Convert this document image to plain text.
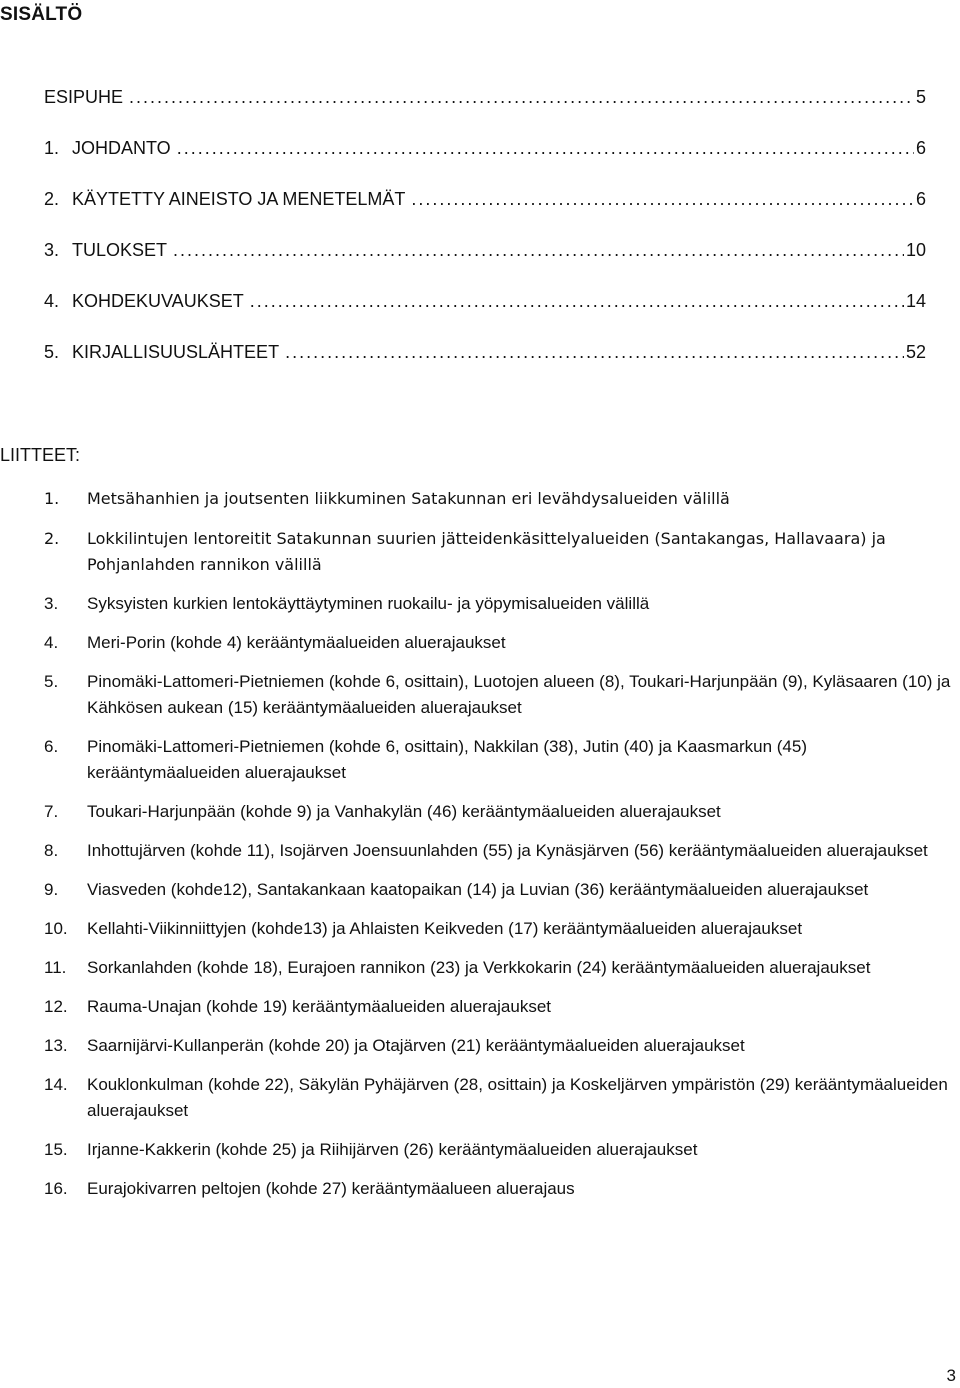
SISÄLTÖ
ESIPUHE .....	5
1. JOHDANTO .....	6
2. KÄYTETTY AINEISTO JA MENETELMÄT .....	6
3. TULOKSET .....	10
4. KOHDEKUVAUKSET .....	14
5. KIRJALLISUUSLÄHTEET .....	52
LIITTEET:
1.	Metsähanhien ja joutsenten liikkuminen Satakunnan eri levähdysalueiden välillä
2.	Lokkilintujen lentoreitit Satakunnan suurien jätteidenkäsittelyalueiden (Santakangas, Hallavaara) ja Pohjanlahden rannikon välillä
3.	Syksyisten kurkien lentokäyttäytyminen ruokailu- ja yöpymisalueiden välillä
4.	Meri-Porin (kohde 4) kerääntymäalueiden aluerajaukset
5.	Pinomäki-Lattomeri-Pietniemen (kohde 6, osittain), Luotojen alueen (8), Toukari-Harjunpään (9), Kyläsaaren (10) ja Kähkösen aukean (15) kerääntymäalueiden aluerajaukset
6.	Pinomäki-Lattomeri-Pietniemen (kohde 6, osittain), Nakkilan (38), Jutin (40) ja Kaasmarkun (45) kerääntymäalueiden aluerajaukset
7.	Toukari-Harjunpään (kohde 9) ja Vanhakylän (46) kerääntymäalueiden aluerajaukset
8.	Inhottujärven (kohde 11), Isojärven Joensuunlahden (55) ja Kynäsjärven (56) kerääntymäalueiden aluerajaukset
9.	Viasveden (kohde12), Santakankaan kaatopaikan (14) ja Luvian (36) kerääntymäalueiden aluerajaukset
10.	Kellahti-Viikinniittyjen (kohde13) ja Ahlaisten Keikveden (17) kerääntymäalueiden aluerajaukset
11.	Sorkanlahden (kohde 18), Eurajoen rannikon (23) ja Verkkokarin (24) kerääntymäalueiden aluerajaukset
12.	Rauma-Unajan (kohde 19) kerääntymäalueiden aluerajaukset
13.	Saarnijärvi-Kullanperän (kohde 20) ja Otajärven (21) kerääntymäalueiden aluerajaukset
14.	Kouklonkulman (kohde 22), Säkylän Pyhäjärven (28, osittain) ja Koskeljärven ympäristön (29) kerääntymäalueiden aluerajaukset
15.	Irjanne-Kakkerin (kohde 25) ja Riihijärven (26) kerääntymäalueiden aluerajaukset
16.	Eurajokivarren peltojen (kohde 27) kerääntymäalueen aluerajaus
3
